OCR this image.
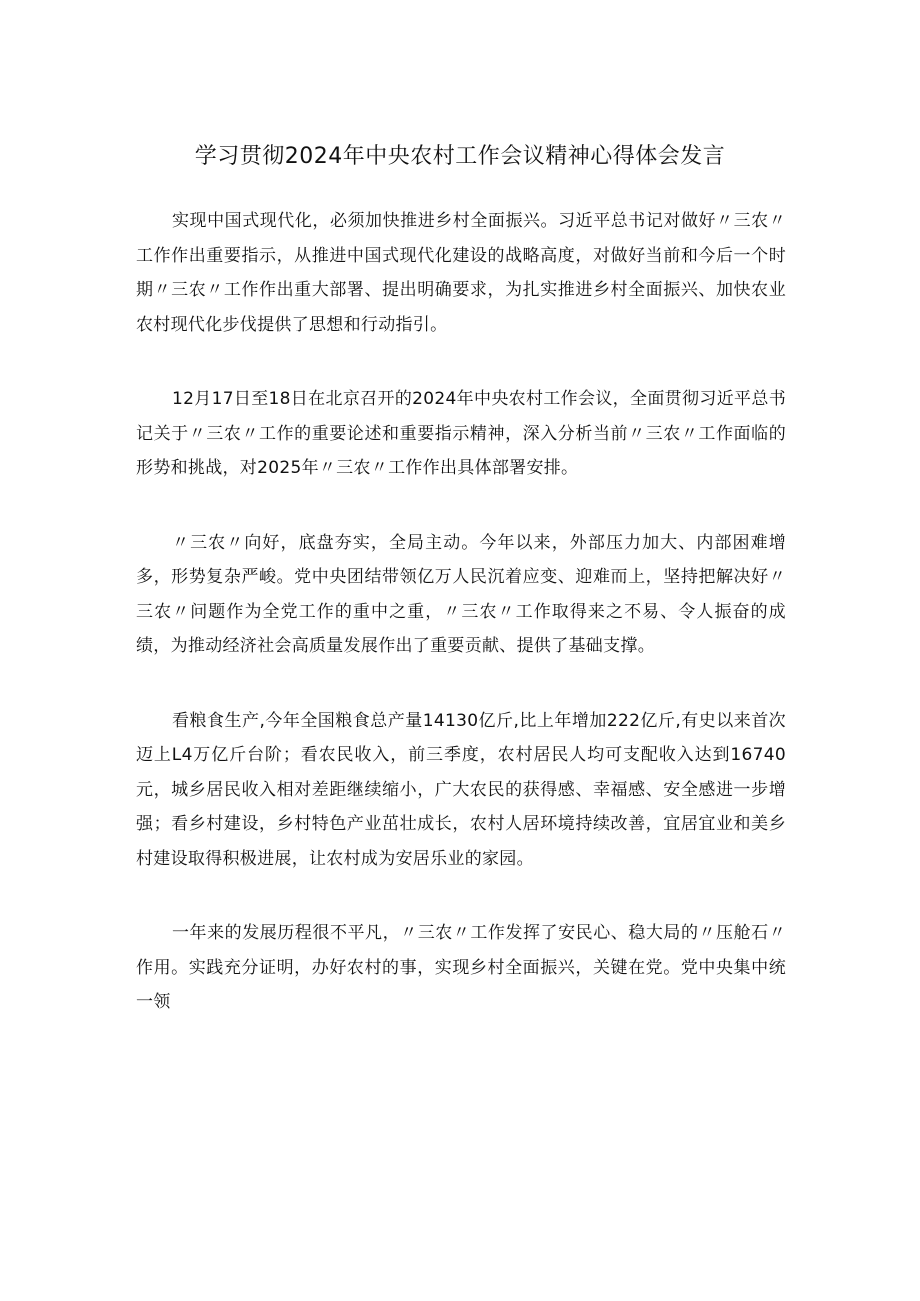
学习贯彻2024年中央农村工作会议精神心得体会发言

实现中国式现代化，必须加快推进乡村全面振兴。习近平总书记对做好〃三农〃工作作出重要指示，从推进中国式现代化建设的战略高度，对做好当前和今后一个时期〃三农〃工作作出重大部署、提出明确要求，为扎实推进乡村全面振兴、加快农业农村现代化步伐提供了思想和行动指引。

12月17日至18日在北京召开的2024年中央农村工作会议，全面贯彻习近平总书记关于〃三农〃工作的重要论述和重要指示精神，深入分析当前〃三农〃工作面临的形势和挑战，对2025年〃三农〃工作作出具体部署安排。

〃三农〃向好，底盘夯实，全局主动。今年以来，外部压力加大、内部困难增多，形势复杂严峻。党中央团结带领亿万人民沉着应变、迎难而上，坚持把解决好〃三农〃问题作为全党工作的重中之重，〃三农〃工作取得来之不易、令人振奋的成绩，为推动经济社会高质量发展作出了重要贡献、提供了基础支撑。

看粮食生产,今年全国粮食总产量14130亿斤,比上年增加222亿斤,有史以来首次迈上L4万亿斤台阶；看农民收入，前三季度，农村居民人均可支配收入达到16740元，城乡居民收入相对差距继续缩小，广大农民的获得感、幸福感、安全感进一步增强；看乡村建设，乡村特色产业茁壮成长，农村人居环境持续改善，宜居宜业和美乡村建设取得积极进展，让农村成为安居乐业的家园。

一年来的发展历程很不平凡，〃三农〃工作发挥了安民心、稳大局的〃压舱石〃作用。实践充分证明，办好农村的事，实现乡村全面振兴，关键在党。党中央集中统一领
